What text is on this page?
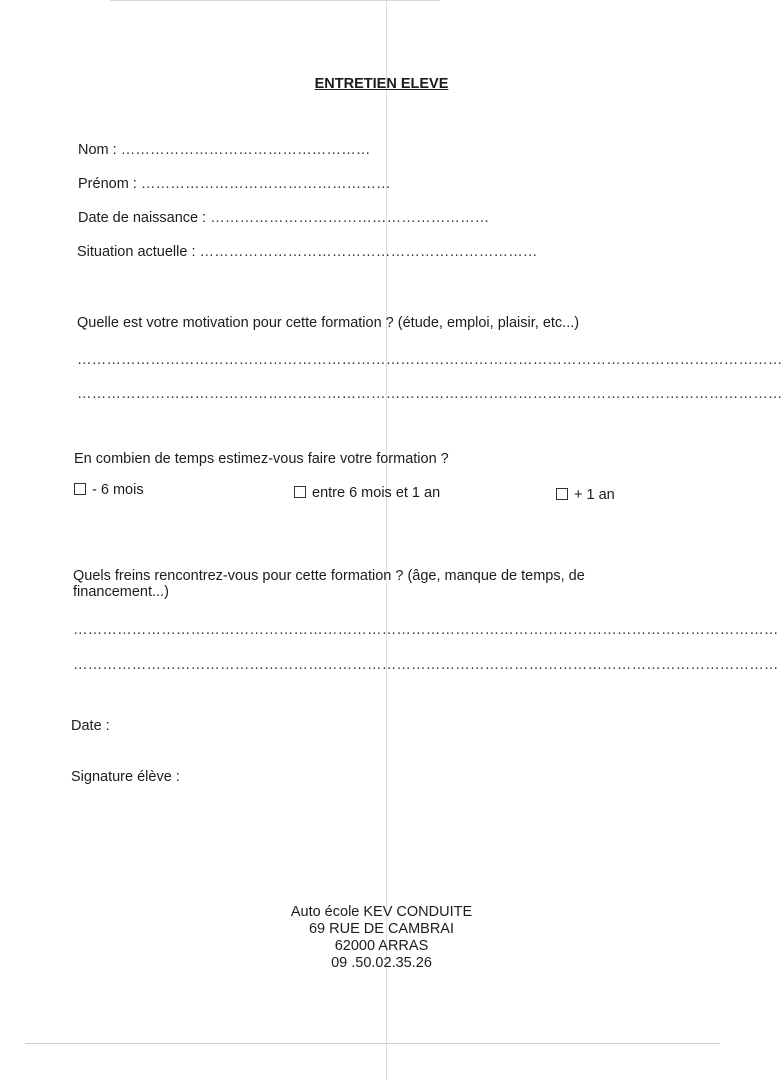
ENTRETIEN ELEVE
Nom : ……………………………………………
Prénom : ……………………………………………
Date de naissance : …………………………………………………
Situation actuelle : ……………………………………………………………
Quelle est votre motivation pour cette formation ? (étude, emploi, plaisir, etc...)
………………………………………………………………………………………………………………………………
………………………………………………………………………………………………………………………………
En combien de temps estimez-vous faire votre formation ?
- 6 mois	entre 6 mois et 1 an	+ 1 an
Quels freins rencontrez-vous pour cette formation ? (âge, manque de temps, de
financement...)
………………………………………………………………………………………………………………………………
………………………………………………………………………………………………………………………………
Date :
Signature élève :
Auto école KEV CONDUITE
69 RUE DE CAMBRAI
62000 ARRAS
09 .50.02.35.26
